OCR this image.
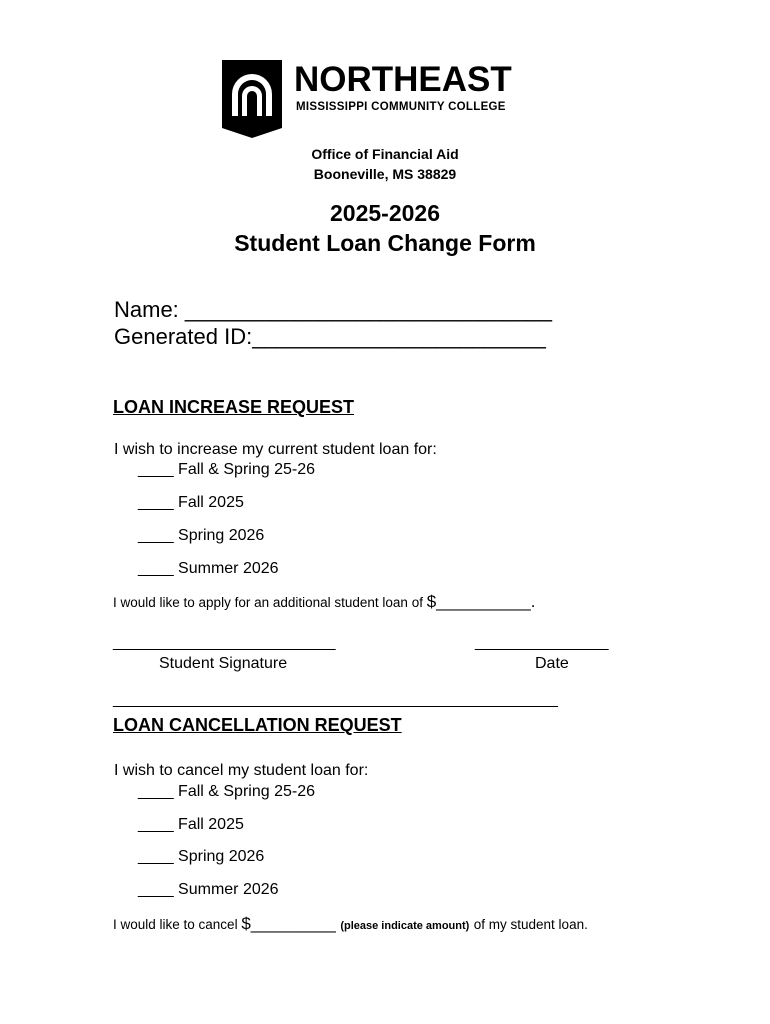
NORTHEAST
MISSISSIPPI COMMUNITY COLLEGE
Office of Financial Aid
Booneville, MS 38829
2025-2026
Student Loan Change Form
Name: ______________________________
Generated ID:________________________
LOAN INCREASE REQUEST
I wish to increase my current student loan for:
____ Fall & Spring 25-26
____ Fall 2025
____ Spring 2026
____ Summer 2026
I would like to apply for an additional student loan of $__________.
_________________________
Student Signature
_______________
Date
__________________________________________________
LOAN CANCELLATION REQUEST
I wish to cancel my student loan for:
____ Fall & Spring 25-26
____ Fall 2025
____ Spring 2026
____ Summer 2026
I would like to cancel $_________ (please indicate amount) of my student loan.
